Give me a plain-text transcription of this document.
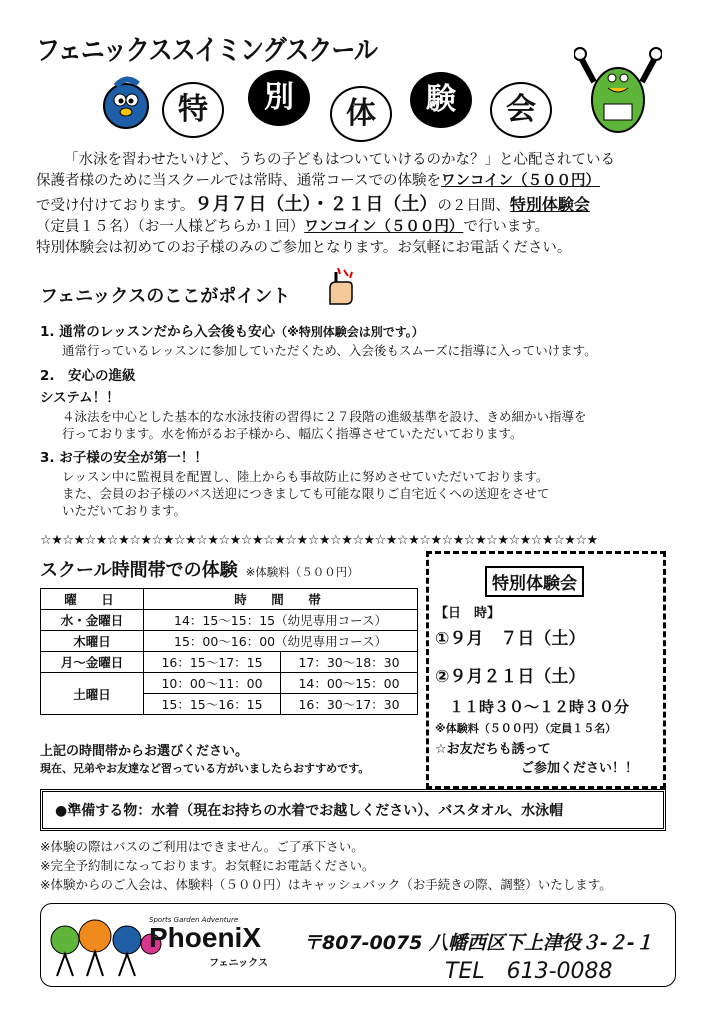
フェニックススイミングスクール
特	別	体	験	会
「水泳を習わせたいけど、うちの子どもはついていけるのかな？」と心配されている
保護者様のために当スクールでは常時、通常コースでの体験をワンコイン（５００円）
で受け付けております。９月７日（土）・２１日（土）の２日間、特別体験会
（定員１５名）（お一人様どちらか１回）ワンコイン（５００円）で行います。
特別体験会は初めてのお子様のみのご参加となります。お気軽にお電話ください。
フェニックスのここがポイント
1. 通常のレッスンだから入会後も安心（※特別体験会は別です。）
通常行っているレッスンに参加していただくため、入会後もスムーズに指導に入っていけます。
2.　安心の進級
システム！！
４泳法を中心とした基本的な水泳技術の習得に２７段階の進級基準を設け、きめ細かい指導を
行っております。水を怖がるお子様から、幅広く指導させていただいております。
3. お子様の安全が第一！！
レッスン中に監視員を配置し、陸上からも事故防止に努めさせていただいております。
また、会員のお子様のバス送迎につきましても可能な限りご自宅近くへの送迎をさせて
いただいております。
☆★☆★☆★☆★☆★☆★☆★☆★☆★☆★☆★☆★☆★☆★☆★☆★☆★☆★☆★☆★☆★☆★☆★☆★☆★
スクール時間帯での体験 ※体験料（５００円）
曜　日	時　間　帯	
水・金曜日	14：15～15：15（幼児専用コース）	
木曜日	15：00～16：00（幼児専用コース）	
月～金曜日	16：15～17：15	17：30～18：30
土曜日	10：00～11：00	14：00～15：00
	15：15～16：15	16：30～17：30
上記の時間帯からお選びください。
現在、兄弟やお友達など習っている方がいましたらおすすめです。
特別体験会
【日　時】
①９月　７日（土）
②９月２１日（土）
１１時３０～１２時３０分
※体験料（５００円）（定員１５名）
☆お友だちも誘って
ご参加ください！！
●準備する物：水着（現在お持ちの水着でお越しください）、バスタオル、水泳帽
※体験の際はバスのご利用はできません。ご了承下さい。
※完全予約制になっております。お気軽にお電話ください。
※体験からのご入会は、体験料（５００円）はキャッシュバック（お手続きの際、調整）いたします。
Sports Garden Adventure
PhoeniX
フェニックス
〒807-0075 八幡西区下上津役３-２-１
TEL　613-0088
